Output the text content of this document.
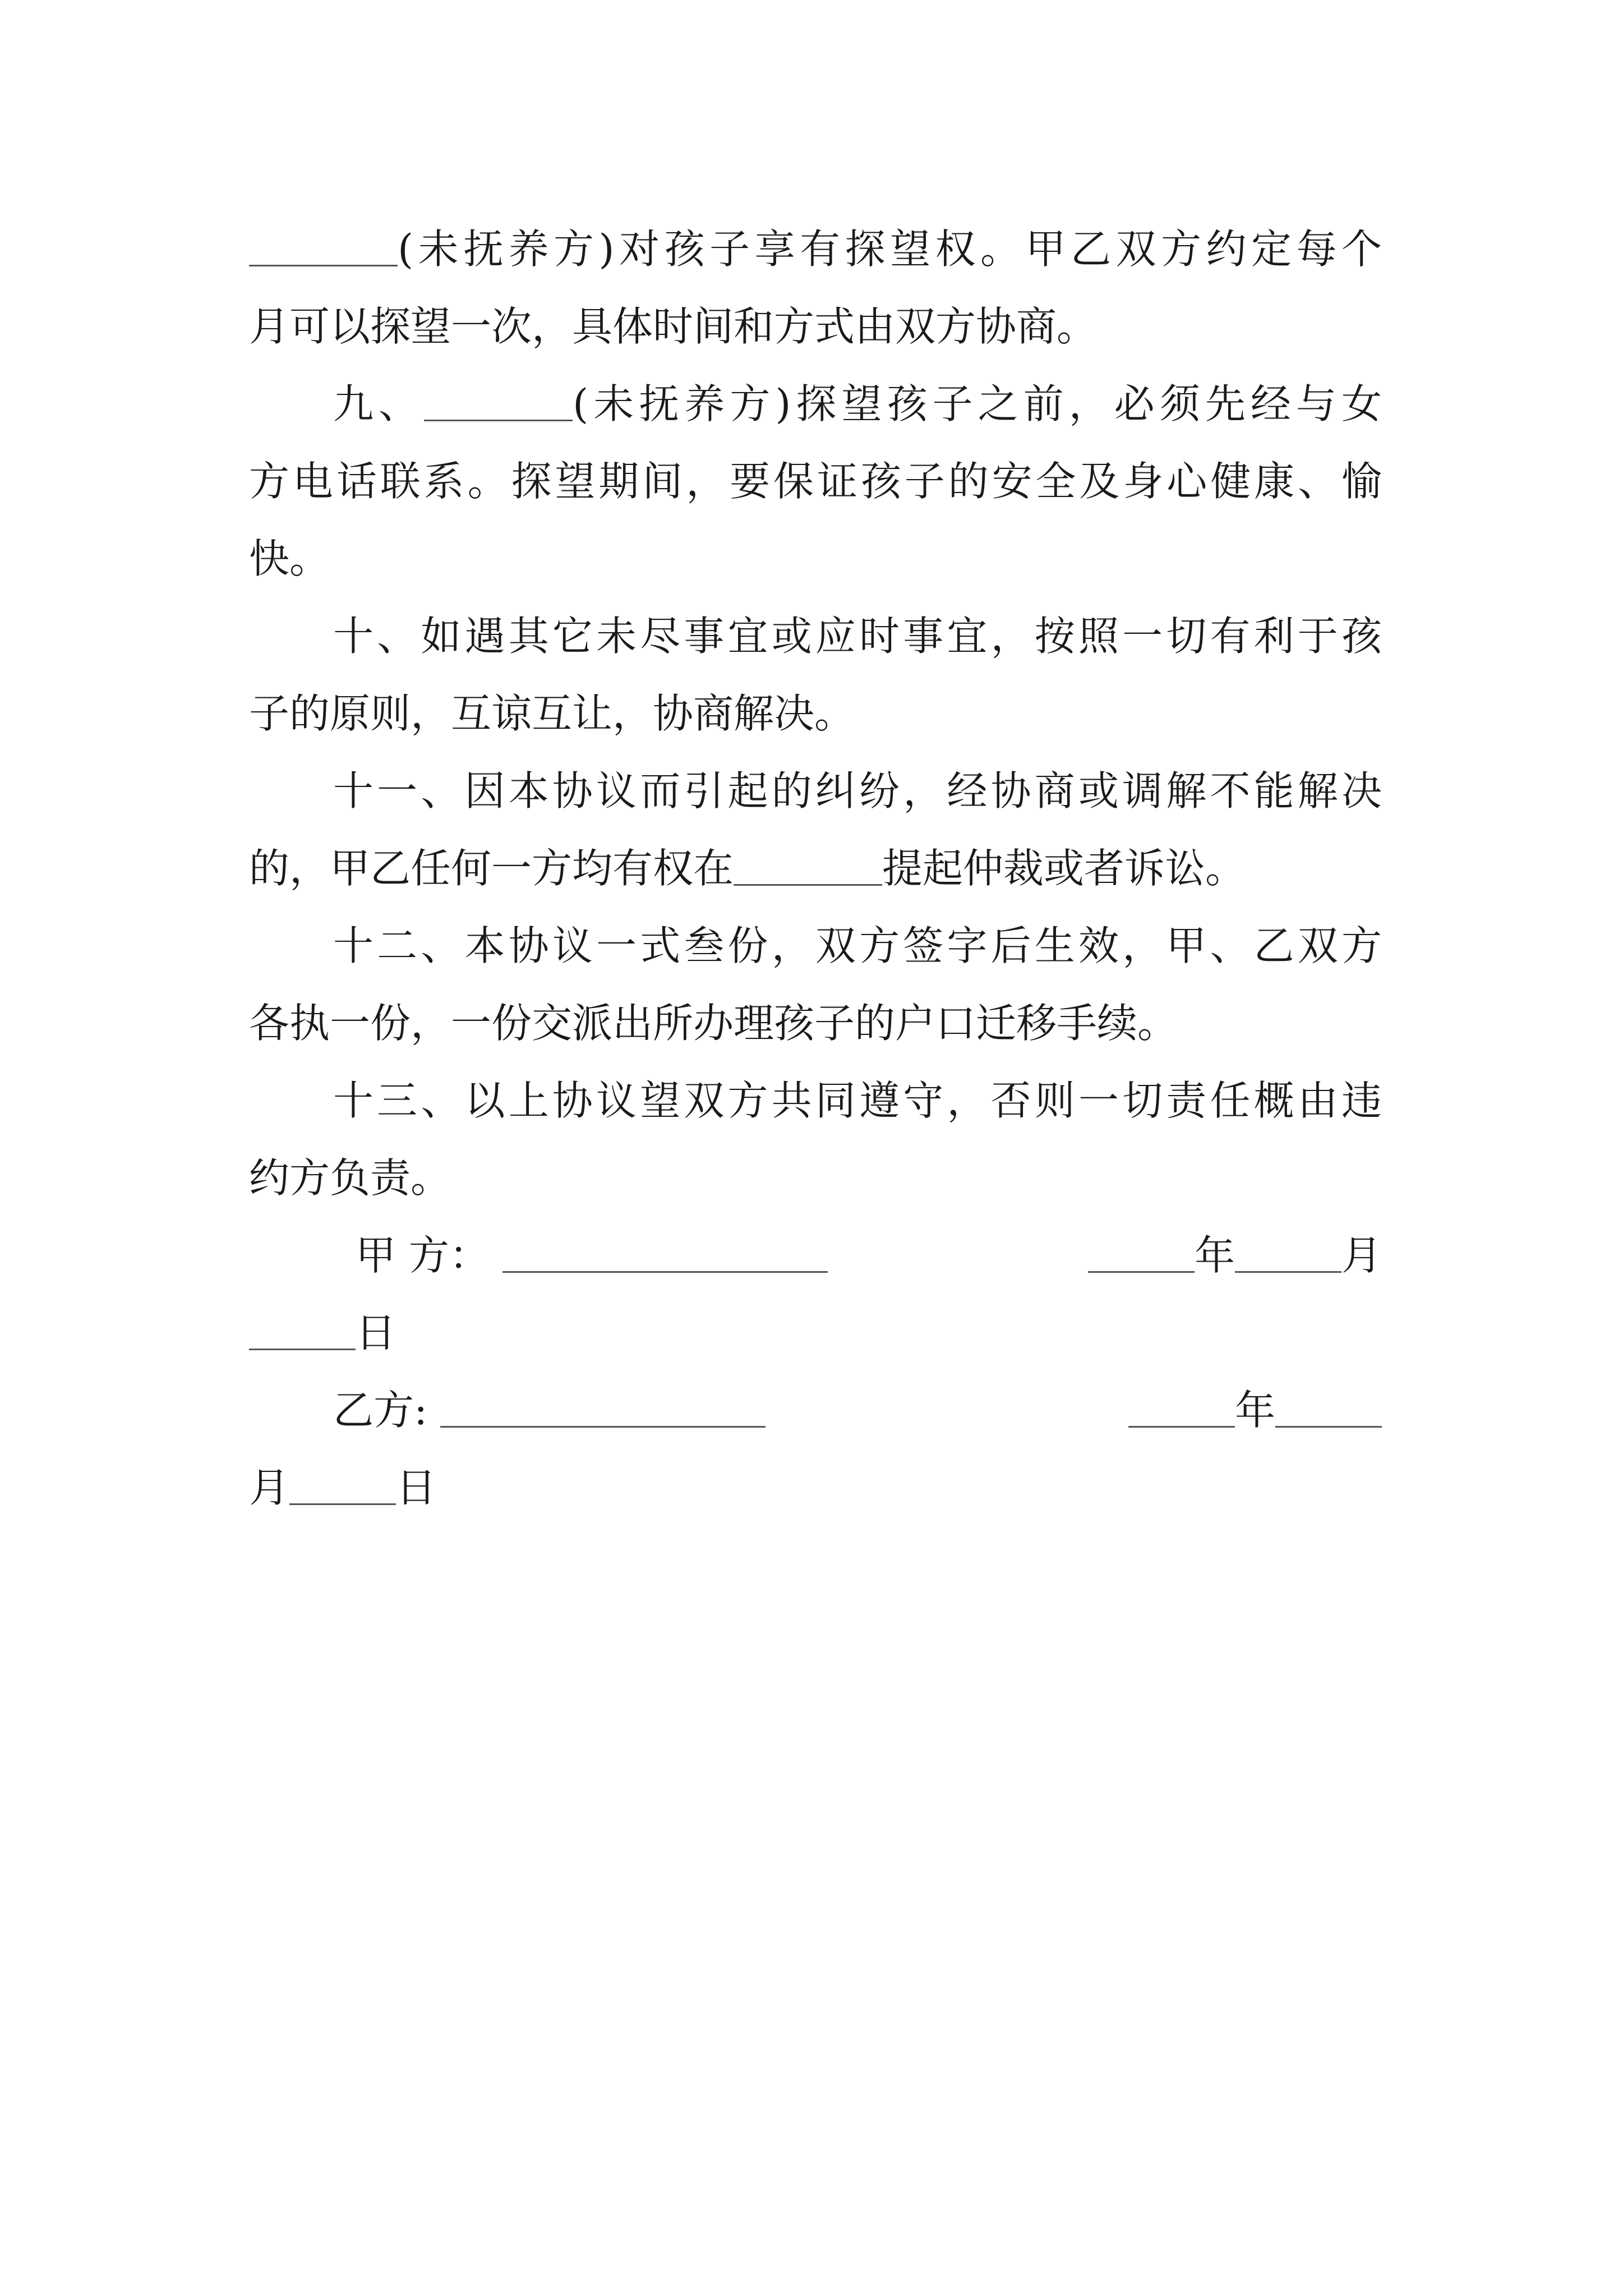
(未抚养方)对孩子享有探望权。甲乙双方约定每个
月可以探望一次，具体时间和方式由双方协商。
九、	(未抚养方)探望孩子之前，必须先经与女
方电话联系。探望期间，要保证孩子的安全及身心健康、愉
快。
十、如遇其它未尽事宜或应时事宜，按照一切有利于孩
子的原则，互谅互让，协商解决。
十一、因本协议而引起的纠纷，经协商或调解不能解决
的，甲乙任何一方均有权在	提起仲裁或者诉讼。
十二、本协议一式叁份，双方签字后生效，甲、乙双方
各执一份，一份交派出所办理孩子的户口迁移手续。
十三、以上协议望双方共同遵守，否则一切责任概由违
约方负责。
甲 方：	年	月
日
乙方:	年
月	日
